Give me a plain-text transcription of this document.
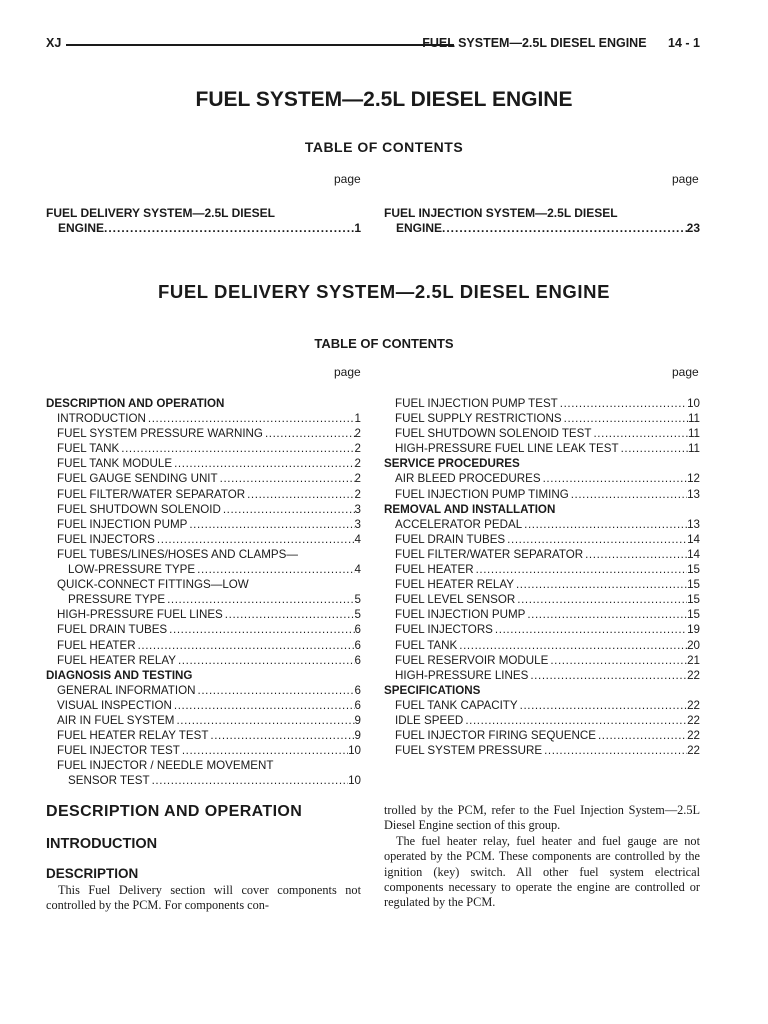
XJ	FUEL SYSTEM—2.5L DIESEL ENGINE 14 - 1
FUEL SYSTEM—2.5L DIESEL ENGINE
TABLE OF CONTENTS
page	page
FUEL DELIVERY SYSTEM—2.5L DIESEL
ENGINE .....	1
FUEL INJECTION SYSTEM—2.5L DIESEL
ENGINE .....	23
FUEL DELIVERY SYSTEM—2.5L DIESEL ENGINE
TABLE OF CONTENTS
page	page
DESCRIPTION AND OPERATION
INTRODUCTION .....	1
FUEL SYSTEM PRESSURE WARNING .....	2
FUEL TANK .....	2
FUEL TANK MODULE .....	2
FUEL GAUGE SENDING UNIT .....	2
FUEL FILTER/WATER SEPARATOR .....	2
FUEL SHUTDOWN SOLENOID .....	3
FUEL INJECTION PUMP .....	3
FUEL INJECTORS .....	4
FUEL TUBES/LINES/HOSES AND CLAMPS—
LOW-PRESSURE TYPE .....	4
QUICK-CONNECT FITTINGS—LOW
PRESSURE TYPE .....	5
HIGH-PRESSURE FUEL LINES .....	5
FUEL DRAIN TUBES .....	6
FUEL HEATER .....	6
FUEL HEATER RELAY .....	6
DIAGNOSIS AND TESTING
GENERAL INFORMATION .....	6
VISUAL INSPECTION .....	6
AIR IN FUEL SYSTEM .....	9
FUEL HEATER RELAY TEST .....	9
FUEL INJECTOR TEST .....	10
FUEL INJECTOR / NEEDLE MOVEMENT
SENSOR TEST .....	10
FUEL INJECTION PUMP TEST .....	10
FUEL SUPPLY RESTRICTIONS .....	11
FUEL SHUTDOWN SOLENOID TEST .....	11
HIGH-PRESSURE FUEL LINE LEAK TEST .....	11
SERVICE PROCEDURES
AIR BLEED PROCEDURES .....	12
FUEL INJECTION PUMP TIMING .....	13
REMOVAL AND INSTALLATION
ACCELERATOR PEDAL .....	13
FUEL DRAIN TUBES .....	14
FUEL FILTER/WATER SEPARATOR .....	14
FUEL HEATER .....	15
FUEL HEATER RELAY .....	15
FUEL LEVEL SENSOR .....	15
FUEL INJECTION PUMP .....	15
FUEL INJECTORS .....	19
FUEL TANK .....	20
FUEL RESERVOIR MODULE .....	21
HIGH-PRESSURE LINES .....	22
SPECIFICATIONS
FUEL TANK CAPACITY .....	22
IDLE SPEED .....	22
FUEL INJECTOR FIRING SEQUENCE .....	22
FUEL SYSTEM PRESSURE .....	22
DESCRIPTION AND OPERATION
INTRODUCTION
DESCRIPTION
This Fuel Delivery section will cover components not controlled by the PCM. For components con-
trolled by the PCM, refer to the Fuel Injection System—2.5L Diesel Engine section of this group.
The fuel heater relay, fuel heater and fuel gauge are not operated by the PCM. These components are controlled by the ignition (key) switch. All other fuel system electrical components necessary to operate the engine are controlled or regulated by the PCM.
